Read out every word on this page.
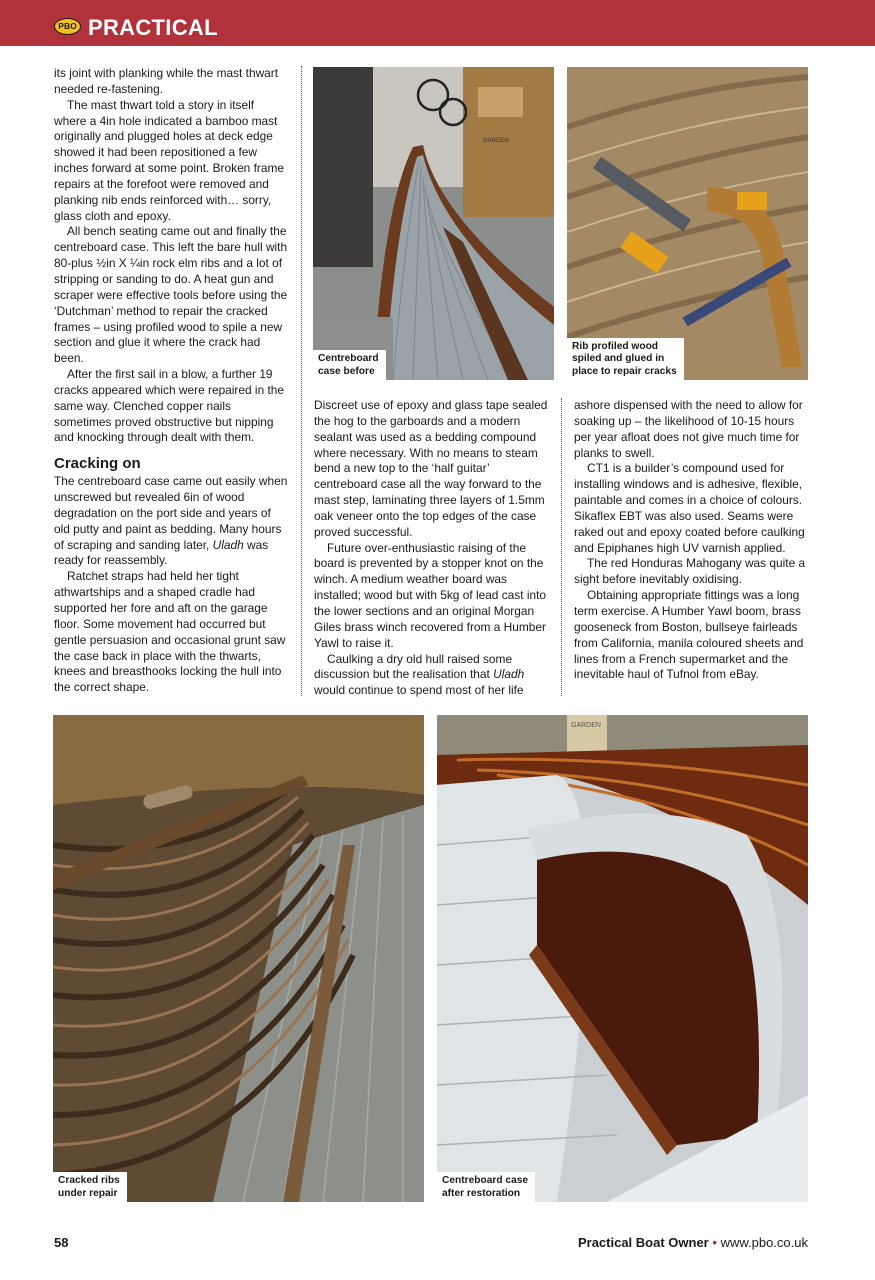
PBO PRACTICAL

its joint with planking while the mast thwart needed re-fastening.

The mast thwart told a story in itself where a 4in hole indicated a bamboo mast originally and plugged holes at deck edge showed it had been repositioned a few inches forward at some point. Broken frame repairs at the forefoot were removed and planking nib ends reinforced with… sorry, glass cloth and epoxy.

All bench seating came out and finally the centreboard case. This left the bare hull with 80-plus ½in X ¼in rock elm ribs and a lot of stripping or sanding to do. A heat gun and scraper were effective tools before using the ‘Dutchman’ method to repair the cracked frames – using profiled wood to spile a new section and glue it where the crack had been.

After the first sail in a blow, a further 19 cracks appeared which were repaired in the same way. Clenched copper nails sometimes proved obstructive but nipping and knocking through dealt with them.

Cracking on

The centreboard case came out easily when unscrewed but revealed 6in of wood degradation on the port side and years of old putty and paint as bedding. Many hours of scraping and sanding later, Uladh was ready for reassembly.

Ratchet straps had held her tight athwartships and a shaped cradle had supported her fore and aft on the garage floor. Some movement had occurred but gentle persuasion and occasional grunt saw the case back in place with the thwarts, knees and breasthooks locking the hull into the correct shape.

Discreet use of epoxy and glass tape sealed the hog to the garboards and a modern sealant was used as a bedding compound where necessary. With no means to steam bend a new top to the ‘half guitar’ centreboard case all the way forward to the mast step, laminating three layers of 1.5mm oak veneer onto the top edges of the case proved successful.

Future over-enthusiastic raising of the board is prevented by a stopper knot on the winch. A medium weather board was installed; wood but with 5kg of lead cast into the lower sections and an original Morgan Giles brass winch recovered from a Humber Yawl to raise it.

Caulking a dry old hull raised some discussion but the realisation that Uladh would continue to spend most of her life

ashore dispensed with the need to allow for soaking up – the likelihood of 10-15 hours per year afloat does not give much time for planks to swell.

CT1 is a builder’s compound used for installing windows and is adhesive, flexible, paintable and comes in a choice of colours. Sikaflex EBT was also used. Seams were raked out and epoxy coated before caulking and Epiphanes high UV varnish applied.

The red Honduras Mahogany was quite a sight before inevitably oxidising.

Obtaining appropriate fittings was a long term exercise. A Humber Yawl boom, brass gooseneck from Boston, bullseye fairleads from California, manila coloured sheets and lines from a French supermarket and the inevitable haul of Tufnol from eBay.

GARDEN
Centreboard
case before
Rib profiled wood
spiled and glued in
place to repair cracks
Cracked ribs
under repair
GARDEN
Centreboard case
after restoration
58	Practical Boat Owner • www.pbo.co.uk
